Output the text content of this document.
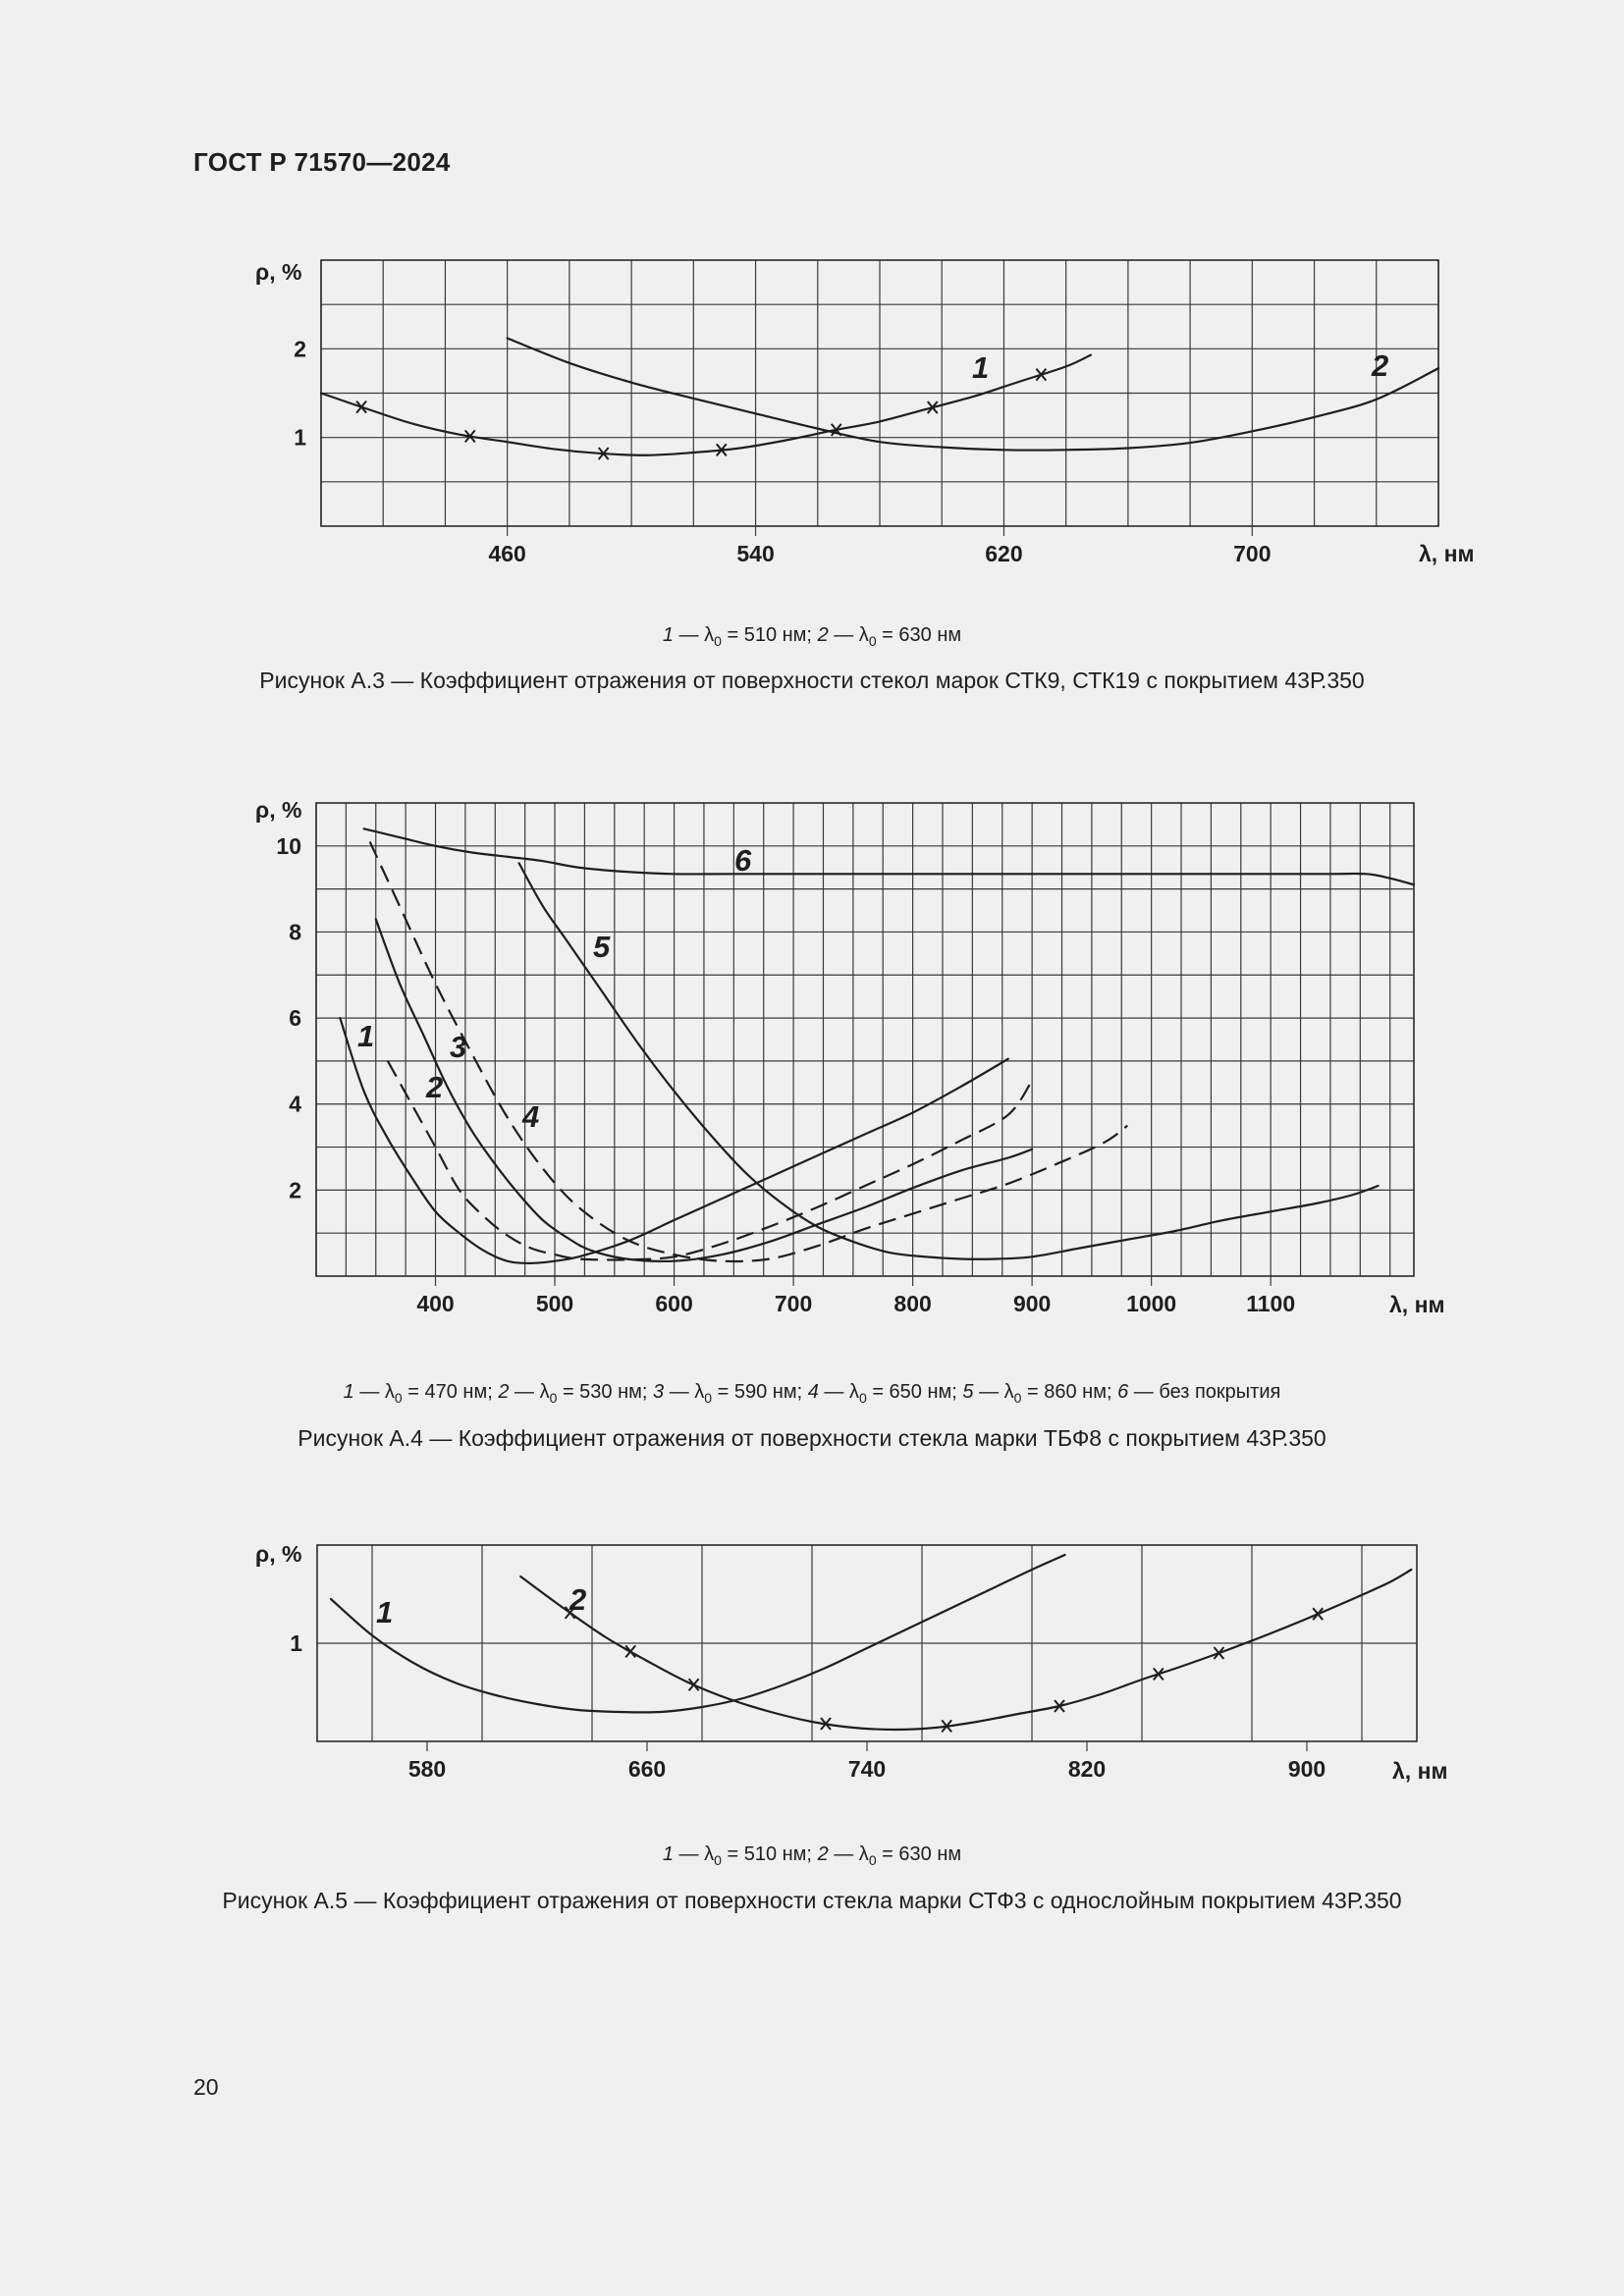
ГОСТ Р 71570—2024
460	540	620	700
1
2
ρ, %
λ, нм
1	2
1 — $\lambda_0 = 510$ нм; 2 — $\lambda_0 = 630$ нм
Рисунок А.3 — Коэффициент отражения от поверхности стекол марок СТК9, СТК19 с покрытием 43Р.350
400	500	600	700	800	900	1000	1100
2
4
6
8
10
ρ, %
λ, нм
1
2
3
4
5
6
1 — $\lambda_0 = 470$ нм; 2 — $\lambda_0 = 530$ нм; 3 — $\lambda_0 = 590$ нм; 4 — $\lambda_0 = 650$ нм; 5 — $\lambda_0 = 860$ нм; 6 — без покрытия
Рисунок А.4 — Коэффициент отражения от поверхности стекла марки ТБФ8 с покрытием 43Р.350
580	660	740	820	900
1
ρ, %
λ, нм
1	2
1 — $\lambda_0 = 510$ нм; 2 — $\lambda_0 = 630$ нм
Рисунок А.5 — Коэффициент отражения от поверхности стекла марки СТФ3 с однослойным покрытием 43Р.350
20
